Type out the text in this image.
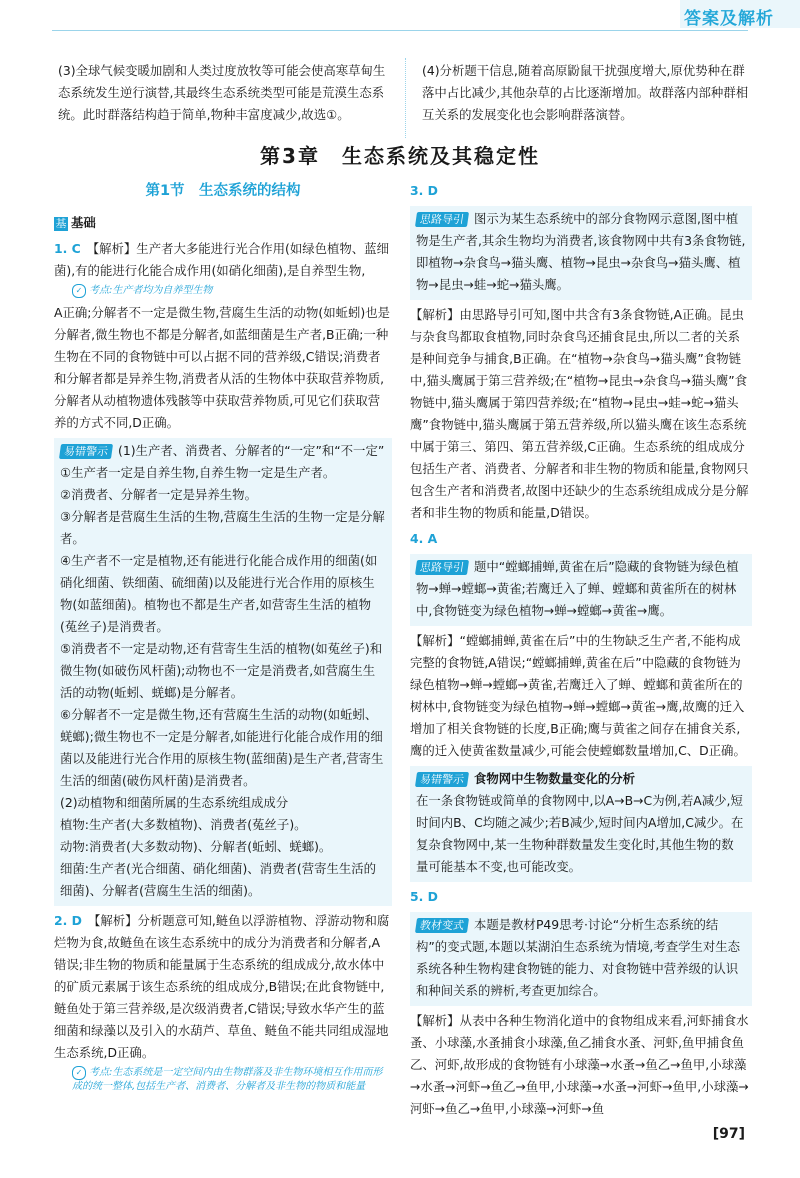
答案及解析

(3)全球气候变暖加剧和人类过度放牧等可能会使高寒草甸生态系统发生逆行演替,其最终生态系统类型可能是荒漠生态系统。此时群落结构趋于简单,物种丰富度减少,故选①。

(4)分析题干信息,随着高原鼢鼠干扰强度增大,原优势种在群落中占比减少,其他杂草的占比逐渐增加。故群落内部种群相互关系的发展变化也会影响群落演替。

第3章　生态系统及其稳定性
第1节　生态系统的结构
基 基础

1. C 【解析】生产者大多能进行光合作用(如绿色植物、蓝细菌),有的能进行化能合成作用(如硝化细菌),是自养型生物,

✓ 考点:生产者均为自养型生物

A正确;分解者不一定是微生物,营腐生生活的动物(如蚯蚓)也是分解者,微生物也不都是分解者,如蓝细菌是生产者,B正确;一种生物在不同的食物链中可以占据不同的营养级,C错误;消费者和分解者都是异养生物,消费者从活的生物体中获取营养物质,分解者从动植物遗体残骸等中获取营养物质,可见它们获取营养的方式不同,D正确。

易错警示 (1)生产者、消费者、分解者的“一定”和“不一定”

①生产者一定是自养生物,自养生物一定是生产者。

②消费者、分解者一定是异养生物。

③分解者是营腐生生活的生物,营腐生生活的生物一定是分解者。

④生产者不一定是植物,还有能进行化能合成作用的细菌(如硝化细菌、铁细菌、硫细菌)以及能进行光合作用的原核生物(如蓝细菌)。植物也不都是生产者,如营寄生生活的植物(菟丝子)是消费者。

⑤消费者不一定是动物,还有营寄生生活的植物(如菟丝子)和微生物(如破伤风杆菌);动物也不一定是消费者,如营腐生生活的动物(蚯蚓、蜣螂)是分解者。

⑥分解者不一定是微生物,还有营腐生生活的动物(如蚯蚓、蜣螂);微生物也不一定是分解者,如能进行化能合成作用的细菌以及能进行光合作用的原核生物(蓝细菌)是生产者,营寄生生活的细菌(破伤风杆菌)是消费者。

(2)动植物和细菌所属的生态系统组成成分

植物:生产者(大多数植物)、消费者(菟丝子)。

动物:消费者(大多数动物)、分解者(蚯蚓、蜣螂)。

细菌:生产者(光合细菌、硝化细菌)、消费者(营寄生生活的细菌)、分解者(营腐生生活的细菌)。

2. D 【解析】分析题意可知,鲢鱼以浮游植物、浮游动物和腐烂物为食,故鲢鱼在该生态系统中的成分为消费者和分解者,A错误;非生物的物质和能量属于生态系统的组成成分,故水体中的矿质元素属于该生态系统的组成成分,B错误;在此食物链中,鲢鱼处于第三营养级,是次级消费者,C错误;导致水华产生的蓝细菌和绿藻以及引入的水葫芦、草鱼、鲢鱼不能共同组成湿地生态系统,D正确。

✓ 考点:生态系统是一定空间内由生物群落及非生物环境相互作用而形成的统一整体,包括生产者、消费者、分解者及非生物的物质和能量

3. D

思路导引 图示为某生态系统中的部分食物网示意图,图中植物是生产者,其余生物均为消费者,该食物网中共有3条食物链,即植物→杂食鸟→猫头鹰、植物→昆虫→杂食鸟→猫头鹰、植物→昆虫→蛙→蛇→猫头鹰。

【解析】由思路导引可知,图中共含有3条食物链,A正确。昆虫与杂食鸟都取食植物,同时杂食鸟还捕食昆虫,所以二者的关系是种间竞争与捕食,B正确。在“植物→杂食鸟→猫头鹰”食物链中,猫头鹰属于第三营养级;在“植物→昆虫→杂食鸟→猫头鹰”食物链中,猫头鹰属于第四营养级;在“植物→昆虫→蛙→蛇→猫头鹰”食物链中,猫头鹰属于第五营养级,所以猫头鹰在该生态系统中属于第三、第四、第五营养级,C正确。生态系统的组成成分包括生产者、消费者、分解者和非生物的物质和能量,食物网只包含生产者和消费者,故图中还缺少的生态系统组成成分是分解者和非生物的物质和能量,D错误。

4. A

思路导引 题中“螳螂捕蝉,黄雀在后”隐藏的食物链为绿色植物→蝉→螳螂→黄雀;若鹰迁入了蝉、螳螂和黄雀所在的树林中,食物链变为绿色植物→蝉→螳螂→黄雀→鹰。

【解析】“螳螂捕蝉,黄雀在后”中的生物缺乏生产者,不能构成完整的食物链,A错误;“螳螂捕蝉,黄雀在后”中隐藏的食物链为绿色植物→蝉→螳螂→黄雀,若鹰迁入了蝉、螳螂和黄雀所在的树林中,食物链变为绿色植物→蝉→螳螂→黄雀→鹰,故鹰的迁入增加了相关食物链的长度,B正确;鹰与黄雀之间存在捕食关系,鹰的迁入使黄雀数量减少,可能会使螳螂数量增加,C、D正确。

易错警示 食物网中生物数量变化的分析

在一条食物链或简单的食物网中,以A→B→C为例,若A减少,短时间内B、C均随之减少;若B减少,短时间内A增加,C减少。在复杂食物网中,某一生物种群数量发生变化时,其他生物的数量可能基本不变,也可能改变。

5. D

教材变式 本题是教材P49思考·讨论“分析生态系统的结构”的变式题,本题以某湖泊生态系统为情境,考查学生对生态系统各种生物构建食物链的能力、对食物链中营养级的认识和种间关系的辨析,考查更加综合。

【解析】从表中各种生物消化道中的食物组成来看,河虾捕食水蚤、小球藻,水蚤捕食小球藻,鱼乙捕食水蚤、河虾,鱼甲捕食鱼乙、河虾,故形成的食物链有小球藻→水蚤→鱼乙→鱼甲,小球藻→水蚤→河虾→鱼乙→鱼甲,小球藻→水蚤→河虾→鱼甲,小球藻→河虾→鱼乙→鱼甲,小球藻→河虾→鱼

[97]
